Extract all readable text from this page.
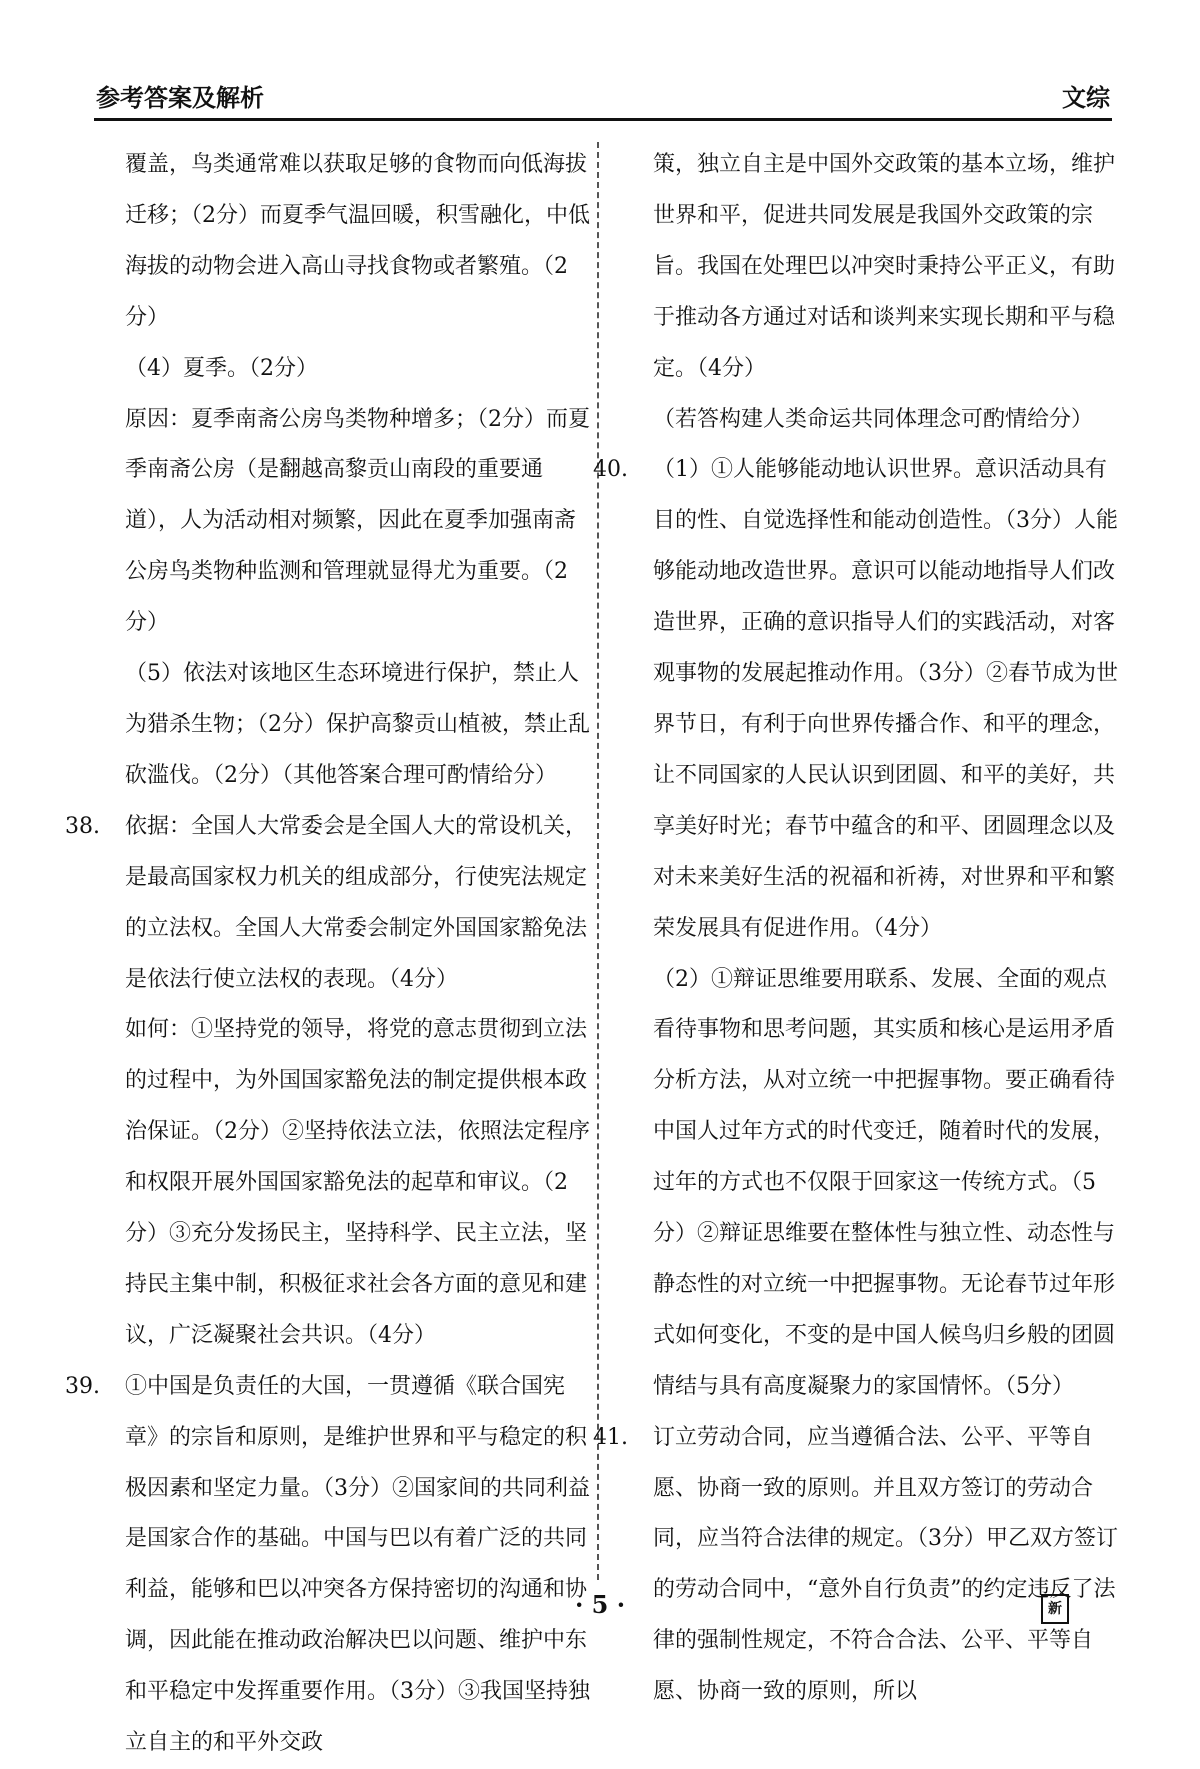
参考答案及解析	文综

覆盖，鸟类通常难以获取足够的食物而向低海拔迁移；（2分）而夏季气温回暖，积雪融化，中低海拔的动物会进入高山寻找食物或者繁殖。（2分）

（4）夏季。（2分）

原因：夏季南斋公房鸟类物种增多；（2分）而夏季南斋公房（是翻越高黎贡山南段的重要通道），人为活动相对频繁，因此在夏季加强南斋公房鸟类物种监测和管理就显得尤为重要。（2分）

（5）依法对该地区生态环境进行保护，禁止人为猎杀生物；（2分）保护高黎贡山植被，禁止乱砍滥伐。（2分）（其他答案合理可酌情给分）

38. 依据：全国人大常委会是全国人大的常设机关，是最高国家权力机关的组成部分，行使宪法规定的立法权。全国人大常委会制定外国国家豁免法是依法行使立法权的表现。（4分）

如何：①坚持党的领导，将党的意志贯彻到立法的过程中，为外国国家豁免法的制定提供根本政治保证。（2分）②坚持依法立法，依照法定程序和权限开展外国国家豁免法的起草和审议。（2分）③充分发扬民主，坚持科学、民主立法，坚持民主集中制，积极征求社会各方面的意见和建议，广泛凝聚社会共识。（4分）

39. ①中国是负责任的大国，一贯遵循《联合国宪章》的宗旨和原则，是维护世界和平与稳定的积极因素和坚定力量。（3分）②国家间的共同利益是国家合作的基础。中国与巴以有着广泛的共同利益，能够和巴以冲突各方保持密切的沟通和协调，因此能在推动政治解决巴以问题、维护中东和平稳定中发挥重要作用。（3分）③我国坚持独立自主的和平外交政

策，独立自主是中国外交政策的基本立场，维护世界和平，促进共同发展是我国外交政策的宗旨。我国在处理巴以冲突时秉持公平正义，有助于推动各方通过对话和谈判来实现长期和平与稳定。（4分）

（若答构建人类命运共同体理念可酌情给分）

40. （1）①人能够能动地认识世界。意识活动具有目的性、自觉选择性和能动创造性。（3分）人能够能动地改造世界。意识可以能动地指导人们改造世界，正确的意识指导人们的实践活动，对客观事物的发展起推动作用。（3分）②春节成为世界节日，有利于向世界传播合作、和平的理念，让不同国家的人民认识到团圆、和平的美好，共享美好时光；春节中蕴含的和平、团圆理念以及对未来美好生活的祝福和祈祷，对世界和平和繁荣发展具有促进作用。（4分）

（2）①辩证思维要用联系、发展、全面的观点看待事物和思考问题，其实质和核心是运用矛盾分析方法，从对立统一中把握事物。要正确看待中国人过年方式的时代变迁，随着时代的发展，过年的方式也不仅限于回家这一传统方式。（5分）②辩证思维要在整体性与独立性、动态性与静态性的对立统一中把握事物。无论春节过年形式如何变化，不变的是中国人候鸟归乡般的团圆情结与具有高度凝聚力的家国情怀。（5分）

41. 订立劳动合同，应当遵循合法、公平、平等自愿、协商一致的原则。并且双方签订的劳动合同，应当符合法律的规定。（3分）甲乙双方签订的劳动合同中，“意外自行负责”的约定违反了法律的强制性规定，不符合合法、公平、平等自愿、协商一致的原则，所以

· 5 ·	新
